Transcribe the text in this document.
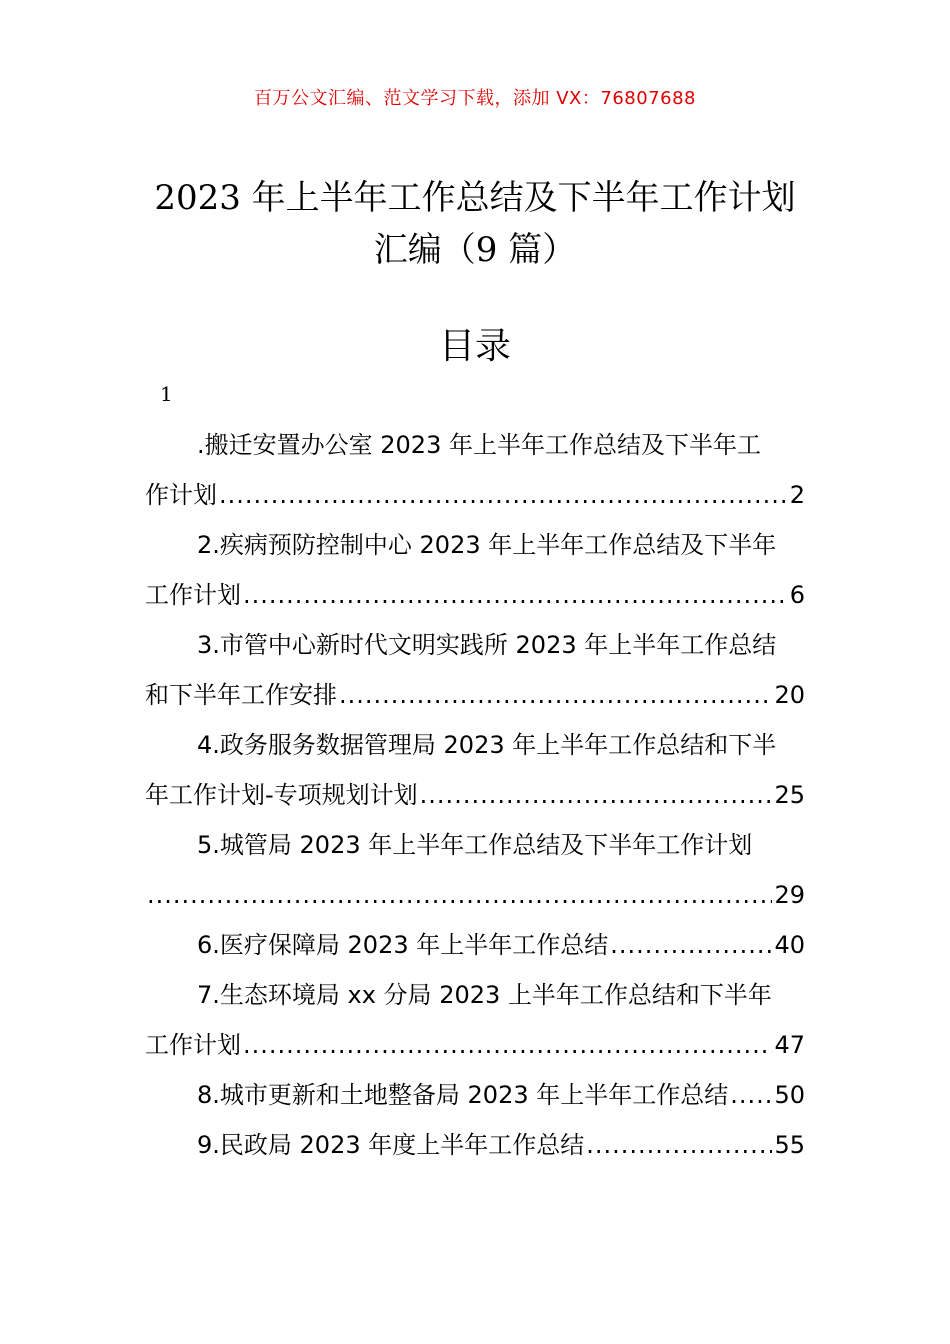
百万公文汇编、范文学习下载，添加 VX：76807688
2023 年上半年工作总结及下半年工作计划
汇编（9 篇）
目录
1
.搬迁安置办公室 2023 年上半年工作总结及下半年工
作计划 .....	2
2.疾病预防控制中心 2023 年上半年工作总结及下半年
工作计划 .....	6
3.市管中心新时代文明实践所 2023 年上半年工作总结
和下半年工作安排 .....	20
4.政务服务数据管理局 2023 年上半年工作总结和下半
年工作计划-专项规划计划 .....	25
5.城管局 2023 年上半年工作总结及下半年工作计划
.....
29
6.医疗保障局 2023 年上半年工作总结 .....	40
7.生态环境局 xx 分局 2023 上半年工作总结和下半年
工作计划 .....	47
8.城市更新和土地整备局 2023 年上半年工作总结 ..... 50
9.民政局 2023 年度上半年工作总结 .....	55
